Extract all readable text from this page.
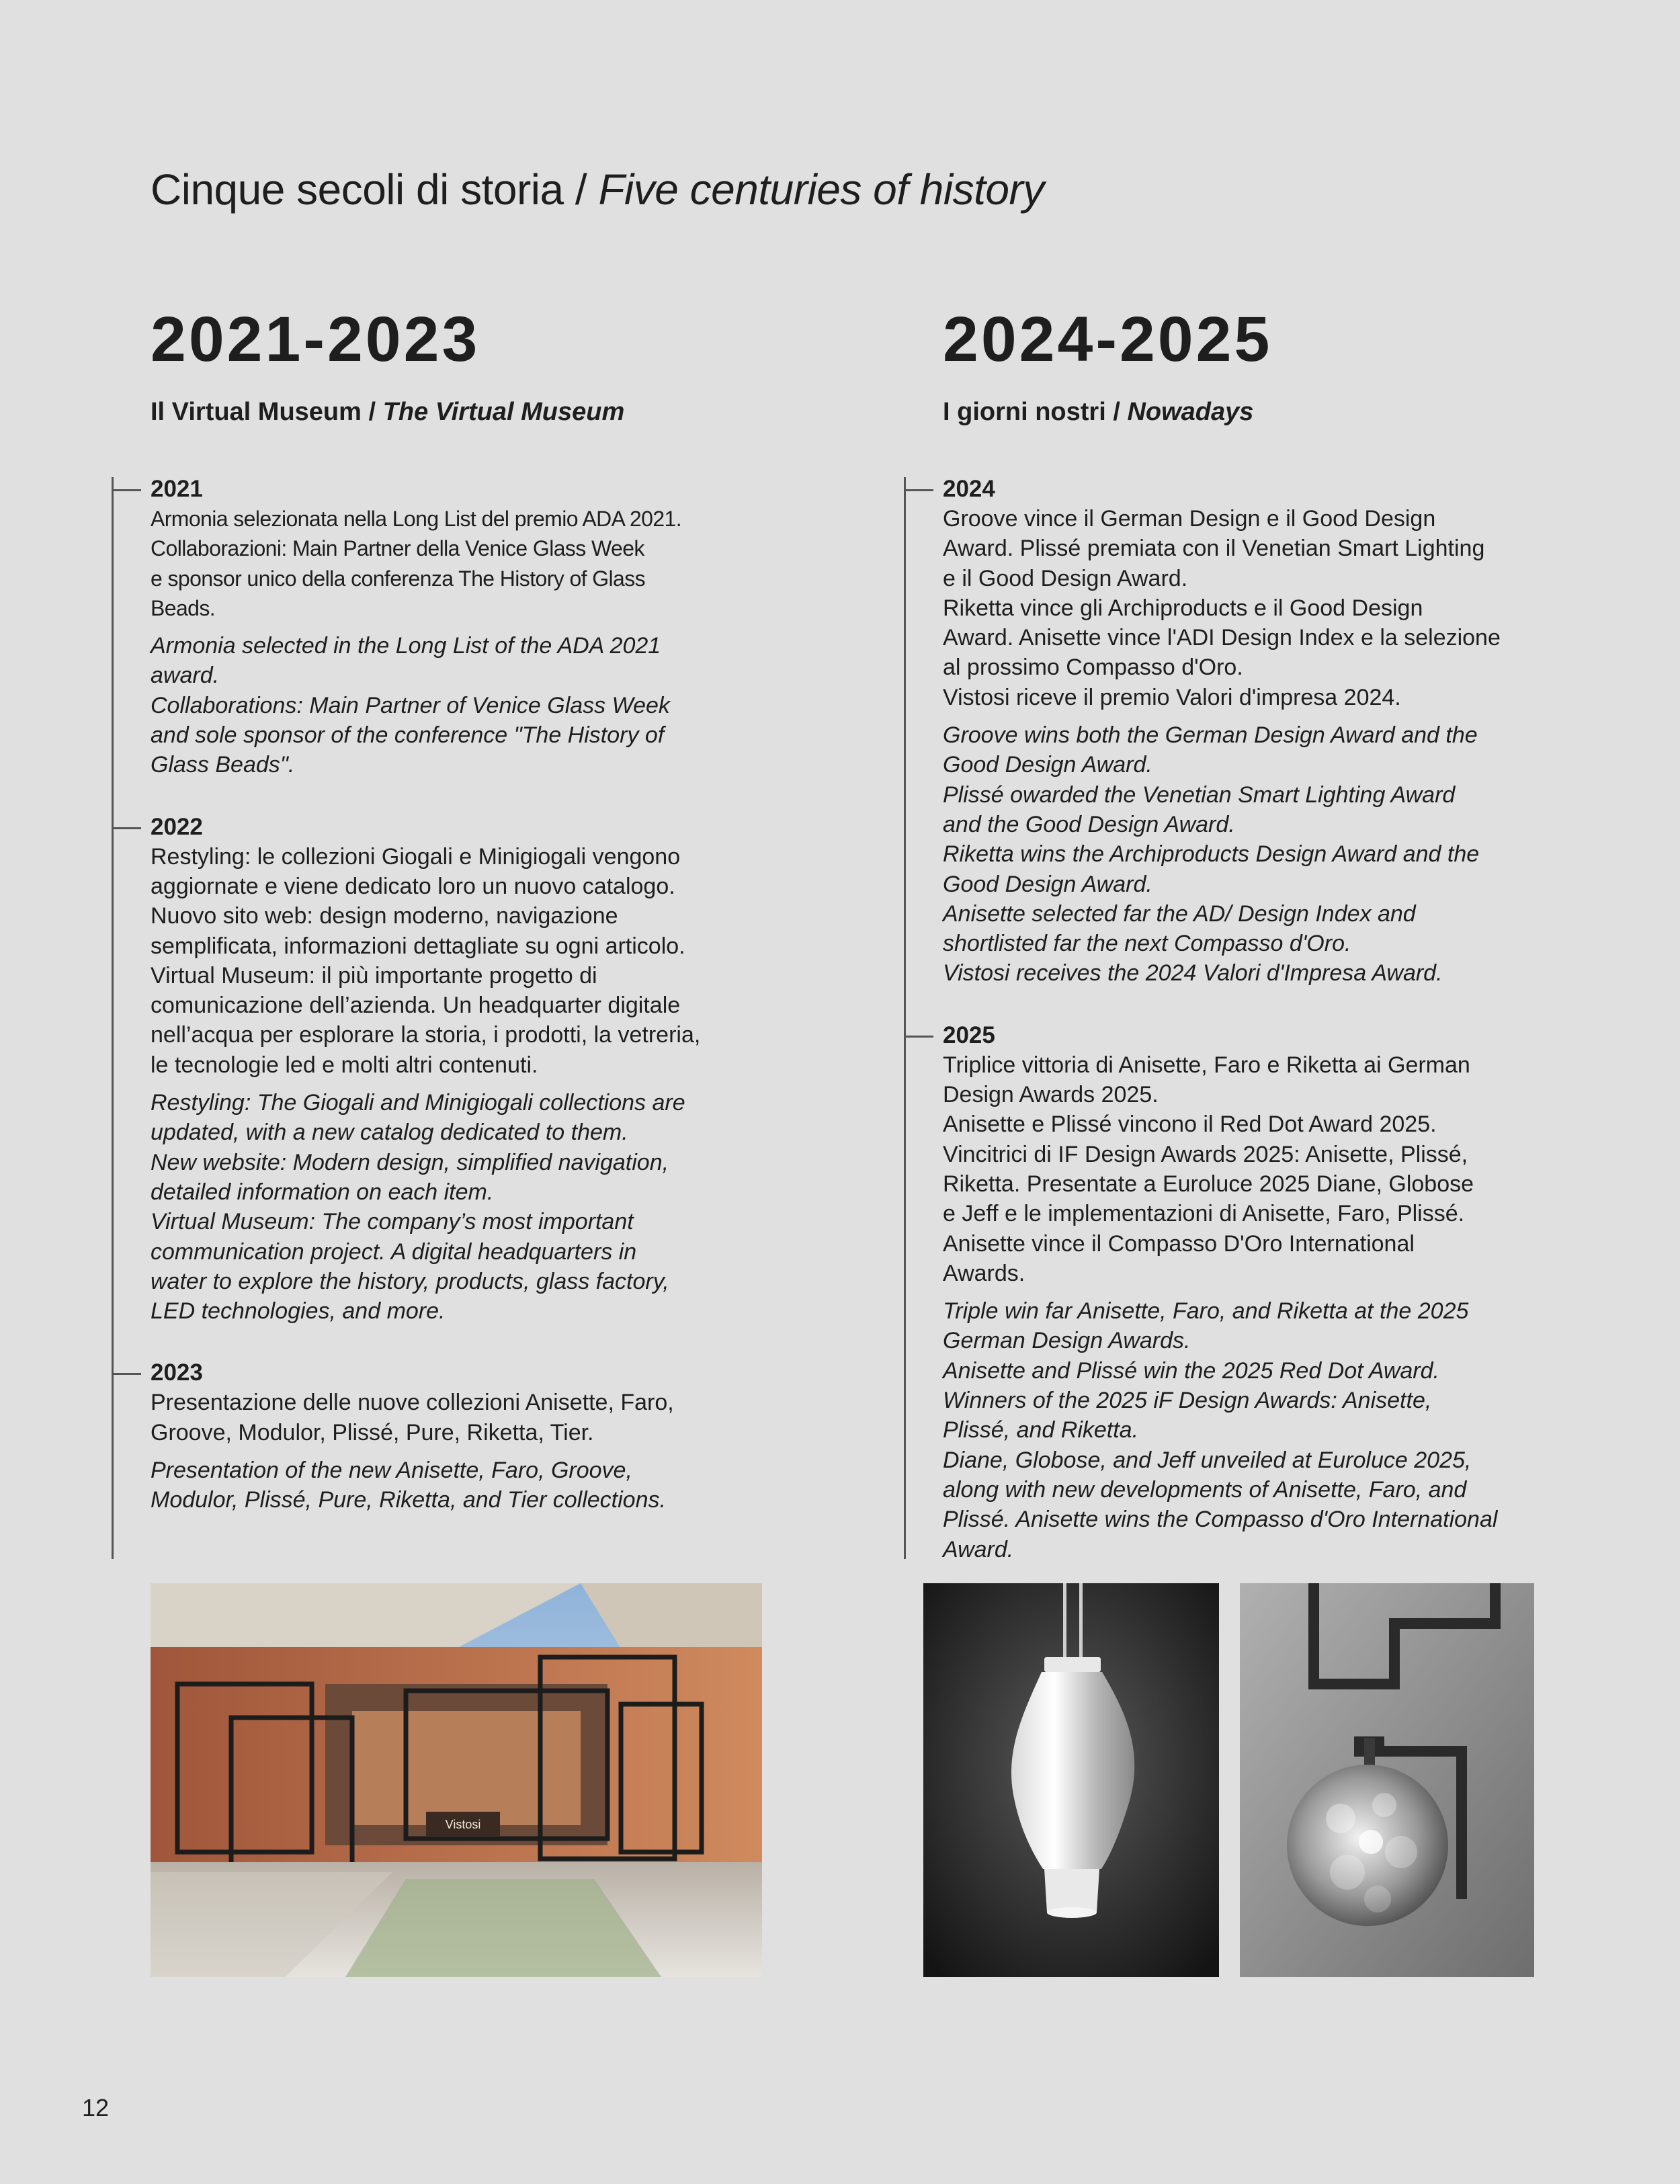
Cinque secoli di storia / Five centuries of history
2021-2023
Il Virtual Museum / The Virtual Museum
2024-2025
I giorni nostri / Nowadays
2021

Armonia selezionata nella Long List del premio ADA 2021.
Collaborazioni: Main Partner della Venice Glass Week
e sponsor unico della conferenza The History of Glass
Beads.

Armonia selected in the Long List of the ADA 2021
award.
Collaborations: Main Partner of Venice Glass Week
and sole sponsor of the conference "The History of
Glass Beads".

2022

Restyling: le collezioni Giogali e Minigiogali vengono
aggiornate e viene dedicato loro un nuovo catalogo.
Nuovo sito web: design moderno, navigazione
semplificata, informazioni dettagliate su ogni articolo.
Virtual Museum: il più importante progetto di
comunicazione dell’azienda. Un headquarter digitale
nell’acqua per esplorare la storia, i prodotti, la vetreria,
le tecnologie led e molti altri contenuti.

Restyling: The Giogali and Minigiogali collections are
updated, with a new catalog dedicated to them.
New website: Modern design, simplified navigation,
detailed information on each item.
Virtual Museum: The company’s most important
communication project. A digital headquarters in
water to explore the history, products, glass factory,
LED technologies, and more.

2023

Presentazione delle nuove collezioni Anisette, Faro,
Groove, Modulor, Plissé, Pure, Riketta, Tier.

Presentation of the new Anisette, Faro, Groove,
Modulor, Plissé, Pure, Riketta, and Tier collections.

2024

Groove vince il German Design e il Good Design
Award. Plissé premiata con il Venetian Smart Lighting
e il Good Design Award.
Riketta vince gli Archiproducts e il Good Design
Award. Anisette vince l'ADI Design Index e la selezione
al prossimo Compasso d'Oro.
Vistosi riceve il premio Valori d'impresa 2024.

Groove wins both the German Design Award and the
Good Design Award.
Plissé owarded the Venetian Smart Lighting Award
and the Good Design Award.
Riketta wins the Archiproducts Design Award and the
Good Design Award.
Anisette selected far the AD/ Design Index and
shortlisted far the next Compasso d'Oro.
Vistosi receives the 2024 Valori d'Impresa Award.

2025

Triplice vittoria di Anisette, Faro e Riketta ai German
Design Awards 2025.
Anisette e Plissé vincono il Red Dot Award 2025.
Vincitrici di IF Design Awards 2025: Anisette, Plissé,
Riketta. Presentate a Euroluce 2025 Diane, Globose
e Jeff e le implementazioni di Anisette, Faro, Plissé.
Anisette vince il Compasso D'Oro International
Awards.

Triple win far Anisette, Faro, and Riketta at the 2025
German Design Awards.
Anisette and Plissé win the 2025 Red Dot Award.
Winners of the 2025 iF Design Awards: Anisette,
Plissé, and Riketta.
Diane, Globose, and Jeff unveiled at Euroluce 2025,
along with new developments of Anisette, Faro, and
Plissé. Anisette wins the Compasso d'Oro International
Award.

Vistosi
12
